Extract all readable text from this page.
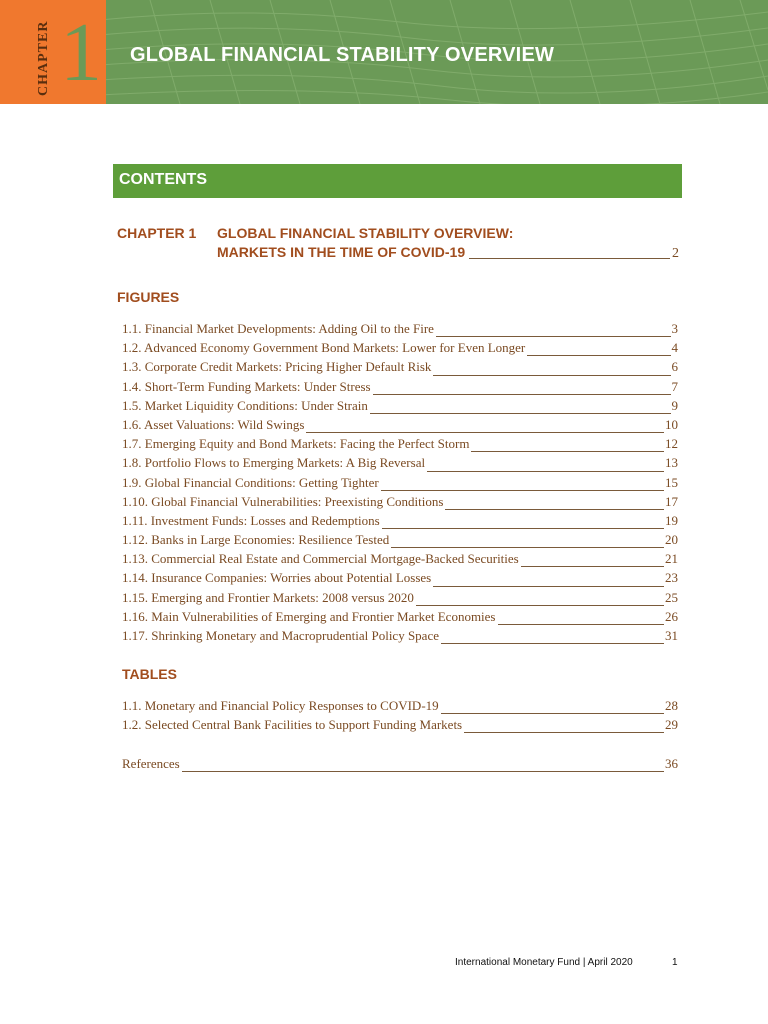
CHAPTER 1 GLOBAL FINANCIAL STABILITY OVERVIEW
CONTENTS
CHAPTER 1	GLOBAL FINANCIAL STABILITY OVERVIEW:
MARKETS IN THE TIME OF COVID-19	2
FIGURES
1.1. Financial Market Developments: Adding Oil to the Fire	3
1.2. Advanced Economy Government Bond Markets: Lower for Even Longer	4
1.3. Corporate Credit Markets: Pricing Higher Default Risk	6
1.4. Short-Term Funding Markets: Under Stress	7
1.5. Market Liquidity Conditions: Under Strain	9
1.6. Asset Valuations: Wild Swings	10
1.7. Emerging Equity and Bond Markets: Facing the Perfect Storm	12
1.8. Portfolio Flows to Emerging Markets: A Big Reversal	13
1.9. Global Financial Conditions: Getting Tighter	15
1.10. Global Financial Vulnerabilities: Preexisting Conditions	17
1.11. Investment Funds: Losses and Redemptions	19
1.12. Banks in Large Economies: Resilience Tested	20
1.13. Commercial Real Estate and Commercial Mortgage-Backed Securities	21
1.14. Insurance Companies: Worries about Potential Losses	23
1.15. Emerging and Frontier Markets: 2008 versus 2020	25
1.16. Main Vulnerabilities of Emerging and Frontier Market Economies	26
1.17. Shrinking Monetary and Macroprudential Policy Space	31
TABLES
1.1. Monetary and Financial Policy Responses to COVID-19	28
1.2. Selected Central Bank Facilities to Support Funding Markets	29
References	36
International Monetary Fund | April 2020	1
